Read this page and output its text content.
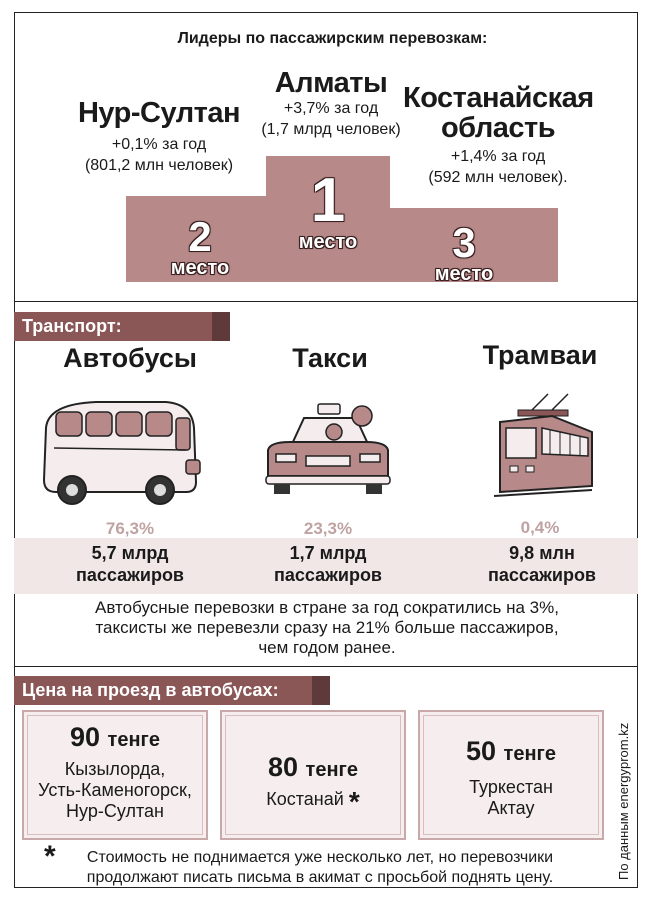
Лидеры по пассажирским перевозкам:
Алматы
+3,7% за год
(1,7 млрд человек)
Нур-Султан
+0,1% за год
(801,2 млн человек)
Костанайская
область
+1,4% за год
(592 млн человек).
2
место
1
место	3
место
Транспорт:
Автобусы	Такси	Трамваи
76,3%	23,3%	0,4%
5,7 млрд
пассажиров
1,7 млрд
пассажиров
9,8 млн
пассажиров
Автобусные перевозки в стране за год сократились на 3%,
таксисты же перевезли сразу на 21% больше пассажиров,
чем годом ранее.
Цена на проезд в автобусах:
90 тенге
Кызылорда,
Усть-Каменогорск,
Нур-Султан
80 тенге
Костанай *
50 тенге
Туркестан
Актау
*	Стоимость не поднимается уже несколько лет, но перевозчики
продолжают писать письма в акимат с просьбой поднять цену.	По данным energyprom.kz
